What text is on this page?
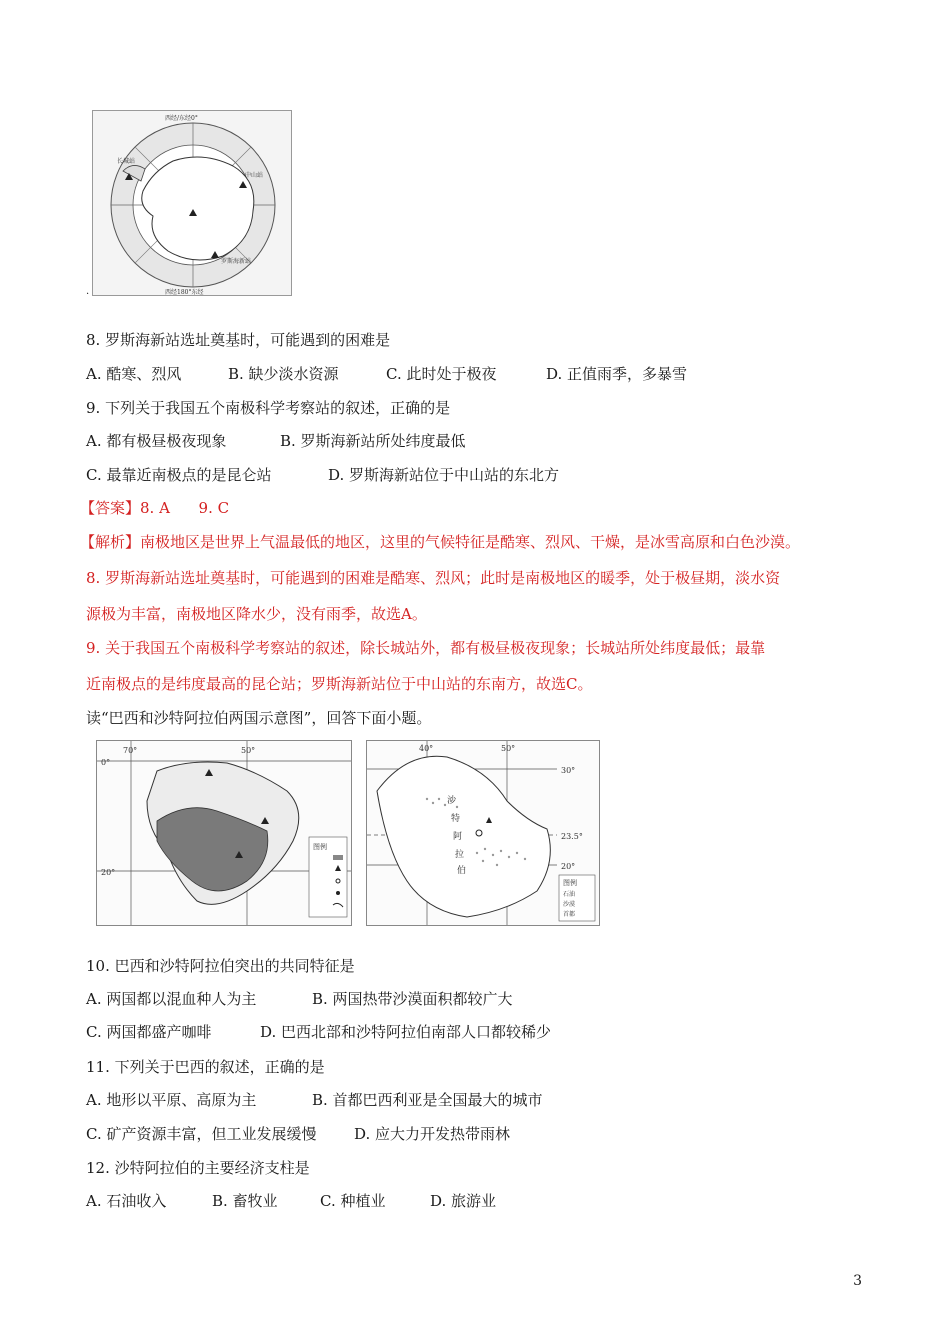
西经/东经0°
西经180°东经
长城站
中山站
罗斯海新站
.
8. 罗斯海新站选址奠基时，可能遇到的困难是
A. 酷寒、烈风	B. 缺少淡水资源	C. 此时处于极夜	D. 正值雨季，多暴雪
9. 下列关于我国五个南极科学考察站的叙述，正确的是
A. 都有极昼极夜现象	B. 罗斯海新站所处纬度最低
C. 最靠近南极点的是昆仑站	D. 罗斯海新站位于中山站的东北方
【答案】8. A      9. C
【解析】南极地区是世界上气温最低的地区，这里的气候特征是酷寒、烈风、干燥，是冰雪高原和白色沙漠。
8. 罗斯海新站选址奠基时，可能遇到的困难是酷寒、烈风；此时是南极地区的暖季，处于极昼期，淡水资
源极为丰富，南极地区降水少，没有雨季，故选A。
9. 关于我国五个南极科学考察站的叙述，除长城站外，都有极昼极夜现象；长城站所处纬度最低；最靠
近南极点的是纬度最高的昆仑站；罗斯海新站位于中山站的东南方，故选C。
读“巴西和沙特阿拉伯两国示意图”，回答下面小题。
70°	50°
0°
20°
图例
沙
特
阿
拉
伯
40°	50°
30°
23.5°
20°
图例
石油
沙漠
首都
10. 巴西和沙特阿拉伯突出的共同特征是
A. 两国都以混血种人为主	B. 两国热带沙漠面积都较广大
C. 两国都盛产咖啡	D. 巴西北部和沙特阿拉伯南部人口都较稀少
11. 下列关于巴西的叙述，正确的是
A. 地形以平原、高原为主	B. 首都巴西利亚是全国最大的城市
C. 矿产资源丰富，但工业发展缓慢	D. 应大力开发热带雨林
12. 沙特阿拉伯的主要经济支柱是
A. 石油收入	B. 畜牧业	C. 种植业	D. 旅游业
3
